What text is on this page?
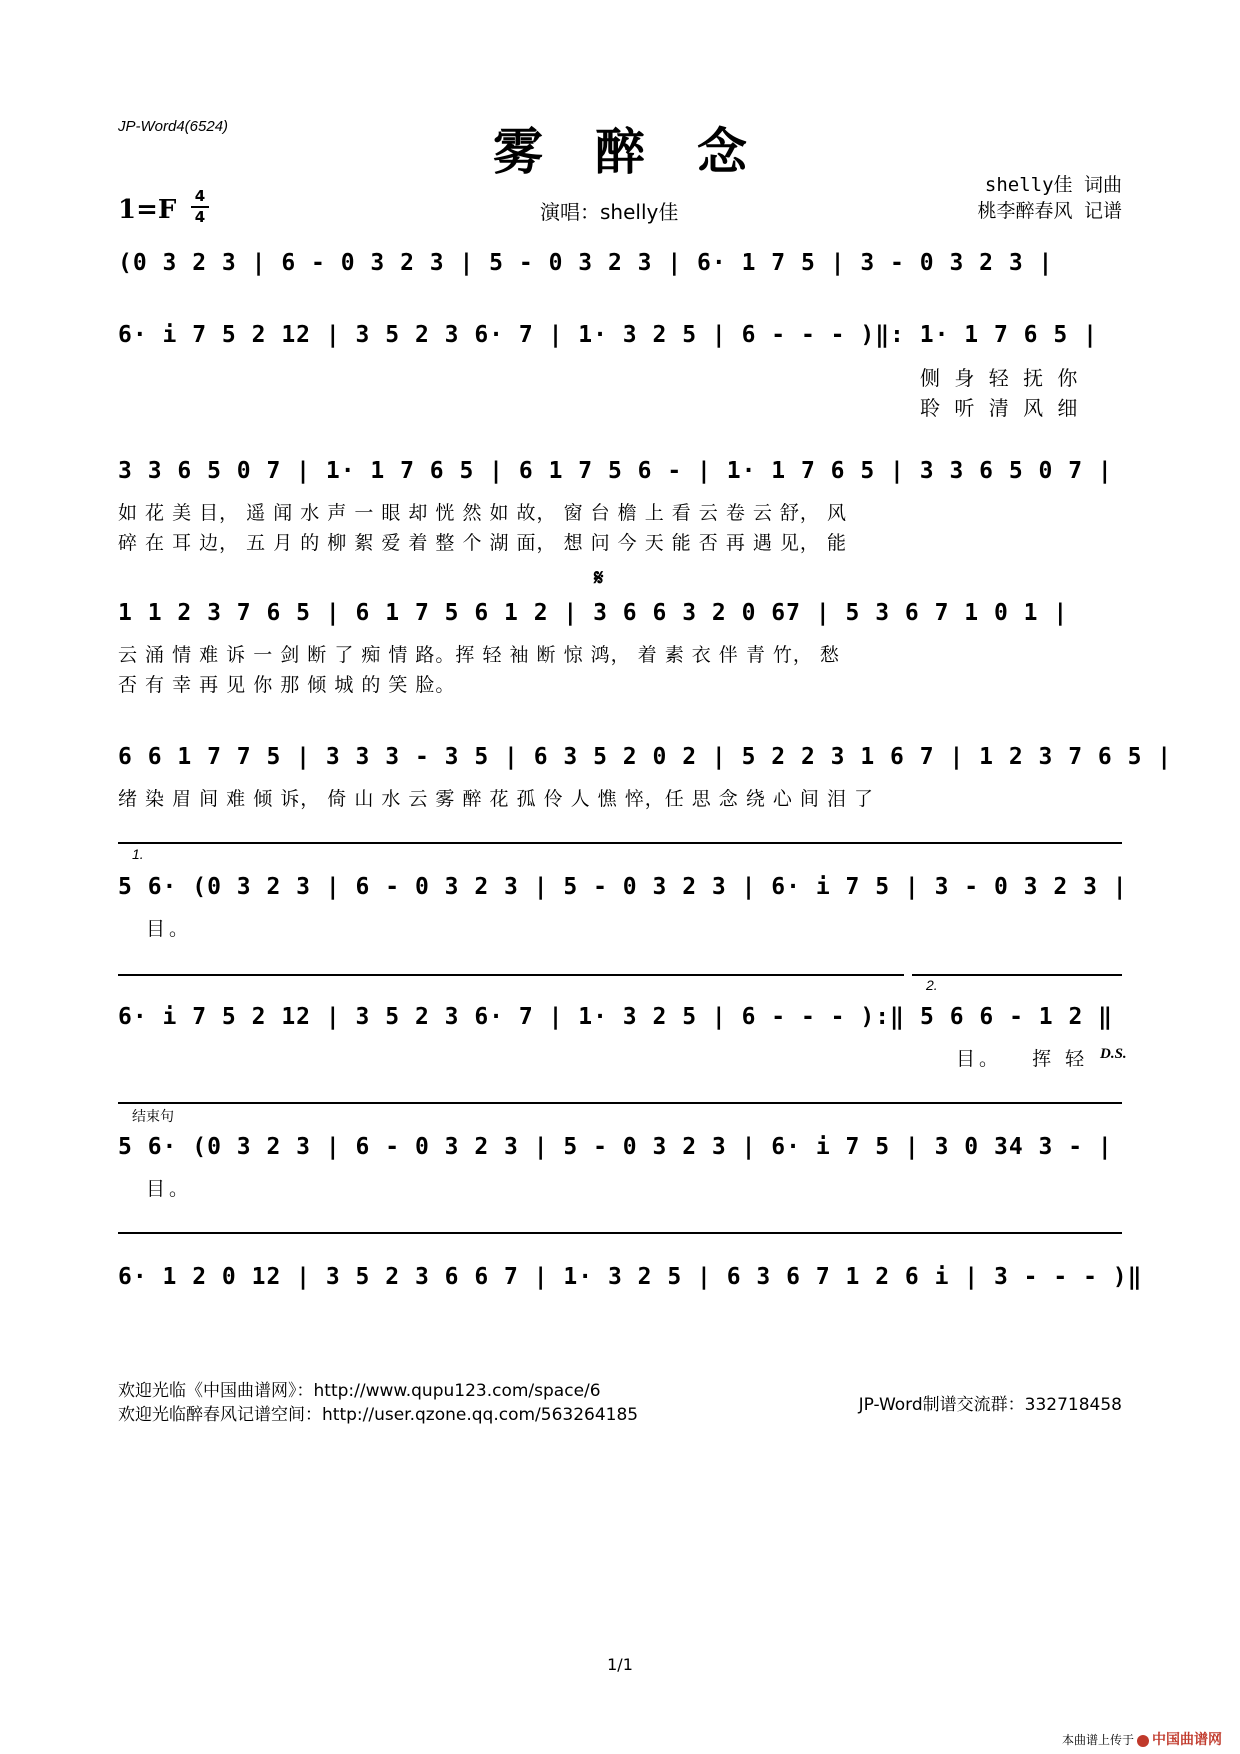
JP-Word4(6524)	雾醉念
shelly佳 词曲
桃李醉春风 记谱
1=F 4
4	演唱：shelly佳
(0 3 2 3 | 6 - 0 3 2 3 | 5 - 0 3 2 3 | 6· 1 7 5 | 3 - 0 3 2 3 |
6· i 7 5 2 12 | 3 5 2 3 6· 7 | 1· 3 2 5 | 6 - - - )‖: 1· 1 7 6 5 |
侧 身 轻 抚 你
聆 听 清 风 细
3 3 6 5 0 7 | 1· 1 7 6 5 | 6 1 7 5 6 - | 1· 1 7 6 5 | 3 3 6 5 0 7 |
如 花 美 目， 遥 闻 水 声 一 眼 却 恍 然 如 故， 窗 台 檐 上 看 云 卷 云 舒， 风
碎 在 耳 边， 五 月 的 柳 絮 爱 着 整 个 湖 面， 想 问 今 天 能 否 再 遇 见， 能
𝄋
1 1 2 3 7 6 5 | 6 1 7 5 6 1 2 | 3 6 6 3 2 0 67 | 5 3 6 7 1 0 1 |
云 涌 情 难 诉 一 剑 断 了 痴 情 路。挥 轻 袖 断 惊 鸿， 着 素 衣 伴 青 竹， 愁
否 有 幸 再 见 你 那 倾 城 的 笑 脸。
6 6 1 7 7 5 | 3 3 3 - 3 5 | 6 3 5 2 0 2 | 5 2 2 3 1 6 7 | 1 2 3 7 6 5 |
绪 染 眉 间 难 倾 诉， 倚 山 水 云 雾 醉 花 孤 伶 人 憔 悴，任 思 念 绕 心 间 泪 了
1.
5 6· (0 3 2 3 | 6 - 0 3 2 3 | 5 - 0 3 2 3 | 6· i 7 5 | 3 - 0 3 2 3 |
目。
2.
6· i 7 5 2 12 | 3 5 2 3 6· 7 | 1· 3 2 5 | 6 - - - ):‖ 5 6 6 - 1 2 ‖
目。   挥 轻 D.S.
结束句
5 6· (0 3 2 3 | 6 - 0 3 2 3 | 5 - 0 3 2 3 | 6· i 7 5 | 3 0 34 3 - |
目。
6· 1 2 0 12 | 3 5 2 3 6 6 7 | 1· 3 2 5 | 6 3 6 7 1 2 6 i | 3 - - - )‖
欢迎光临《中国曲谱网》：http://www.qupu123.com/space/6
欢迎光临醉春风记谱空间：http://user.qzone.qq.com/563264185	JP-Word制谱交流群：332718458
1/1
本曲谱上传于 中国曲谱网
